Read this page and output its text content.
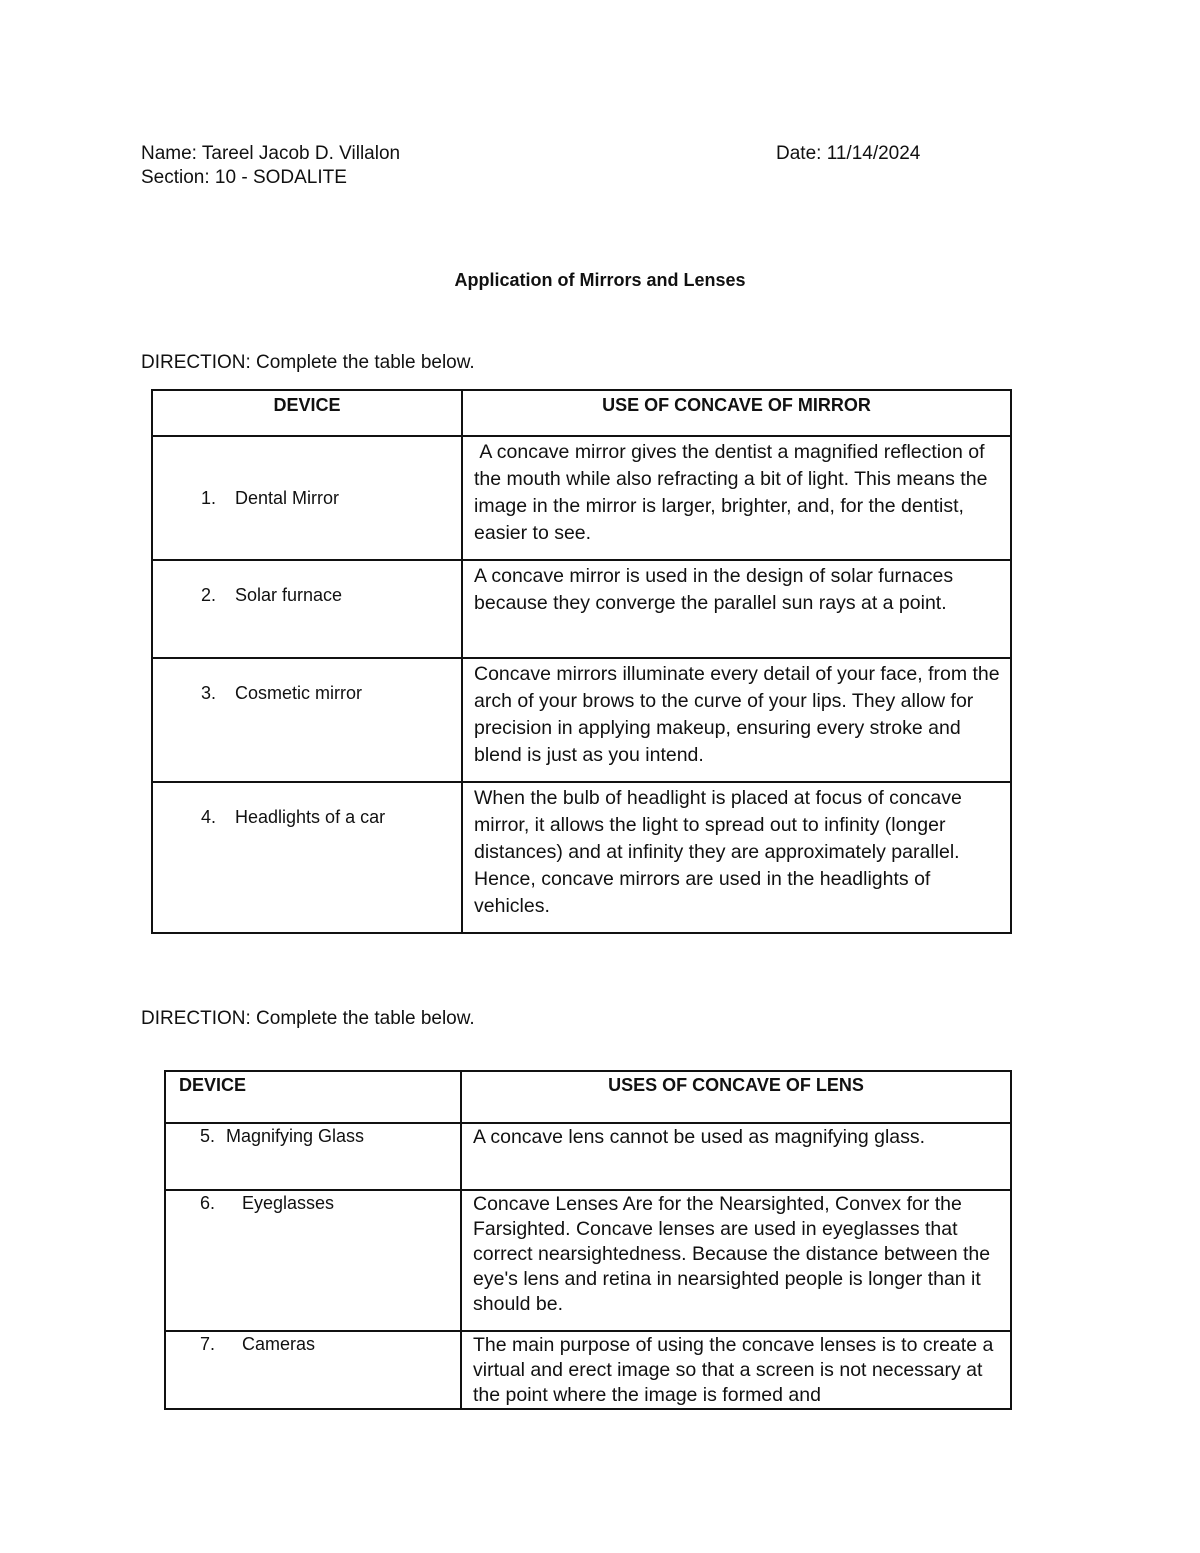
Name: Tareel Jacob D. Villalon	Date: 11/14/2024
Section: 10 - SODALITE
Application of Mirrors and Lenses
DIRECTION: Complete the table below.
DEVICE	USE OF CONCAVE OF MIRROR

1. Dental Mirror	A concave mirror gives the dentist a magnified reflection of the mouth while also refracting a bit of light. This means the image in the mirror is larger, brighter, and, for the dentist, easier to see.

2. Solar furnace	A concave mirror is used in the design of solar furnaces because they converge the parallel sun rays at a point.

3. Cosmetic mirror	Concave mirrors illuminate every detail of your face, from the arch of your brows to the curve of your lips. They allow for precision in applying makeup, ensuring every stroke and blend is just as you intend.

4. Headlights of a car	When the bulb of headlight is placed at focus of concave mirror, it allows the light to spread out to infinity (longer distances) and at infinity they are approximately parallel. Hence, concave mirrors are used in the headlights of vehicles.
DIRECTION: Complete the table below.
DEVICE	USES OF CONCAVE OF LENS

5. Magnifying Glass	A concave lens cannot be used as magnifying glass.

6. Eyeglasses	Concave Lenses Are for the Nearsighted, Convex for the Farsighted. Concave lenses are used in eyeglasses that correct nearsightedness. Because the distance between the eye's lens and retina in nearsighted people is longer than it should be.

7. Cameras	The main purpose of using the concave lenses is to create a virtual and erect image so that a screen is not necessary at the point where the image is formed and
